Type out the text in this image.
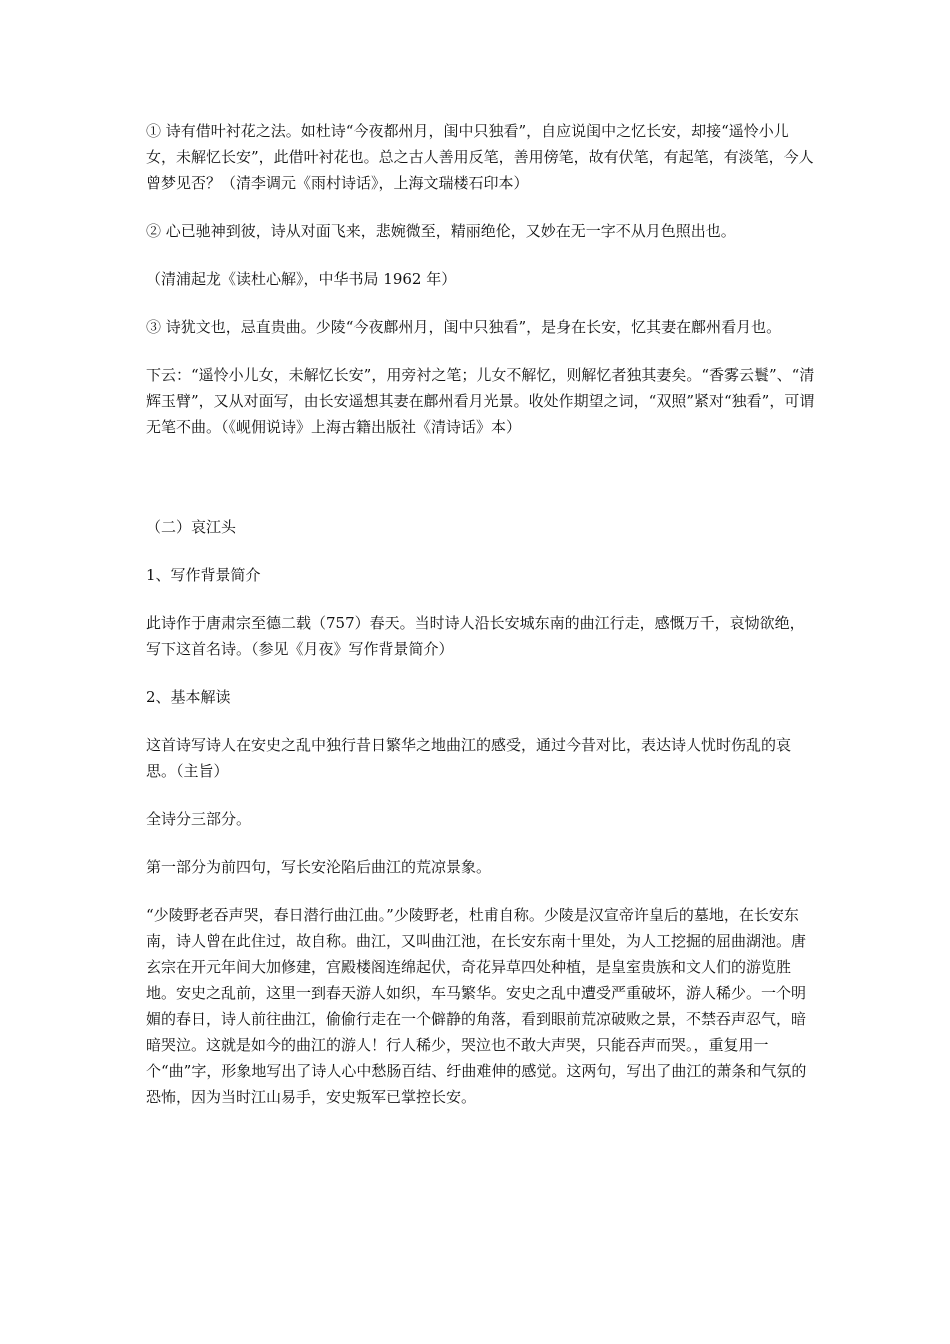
① 诗有借叶衬花之法。如杜诗“今夜都州月，闺中只独看”，自应说闺中之忆长安，却接“遥怜小儿女，未解忆长安”，此借叶衬花也。总之古人善用反笔，善用傍笔，故有伏笔，有起笔，有淡笔，今人曾梦见否？（清李调元《雨村诗话》，上海文瑞楼石印本）

② 心已驰神到彼，诗从对面飞来，悲婉微至，精丽绝伦，又妙在无一字不从月色照出也。

（清浦起龙《读杜心解》，中华书局 1962 年）

③ 诗犹文也，忌直贵曲。少陵“今夜鄜州月，闺中只独看”，是身在长安，忆其妻在鄜州看月也。

下云：“遥怜小儿女，未解忆长安”，用旁衬之笔；儿女不解忆，则解忆者独其妻矣。“香雾云鬟”、“清辉玉臂”，又从对面写，由长安遥想其妻在鄜州看月光景。收处作期望之词，“双照”紧对“独看”，可谓无笔不曲。（《岘佣说诗》上海古籍出版社《清诗话》本）

（二）哀江头

1、写作背景简介

此诗作于唐肃宗至德二载（757）春天。当时诗人沿长安城东南的曲江行走，感慨万千，哀恸欲绝，写下这首名诗。（参见《月夜》写作背景简介）

2、基本解读

这首诗写诗人在安史之乱中独行昔日繁华之地曲江的感受，通过今昔对比，表达诗人忧时伤乱的哀思。（主旨）

全诗分三部分。

第一部分为前四句，写长安沦陷后曲江的荒凉景象。

“少陵野老吞声哭，春日潜行曲江曲。”少陵野老，杜甫自称。少陵是汉宣帝许皇后的墓地，在长安东南，诗人曾在此住过，故自称。曲江，又叫曲江池，在长安东南十里处，为人工挖掘的屈曲湖池。唐玄宗在开元年间大加修建，宫殿楼阁连绵起伏，奇花异草四处种植，是皇室贵族和文人们的游览胜地。安史之乱前，这里一到春天游人如织，车马繁华。安史之乱中遭受严重破坏，游人稀少。一个明媚的春日，诗人前往曲江，偷偷行走在一个僻静的角落，看到眼前荒凉破败之景，不禁吞声忍气，暗暗哭泣。这就是如今的曲江的游人！行人稀少，哭泣也不敢大声哭，只能吞声而哭。，重复用一个“曲”字，形象地写出了诗人心中愁肠百结、纡曲难伸的感觉。这两句，写出了曲江的萧条和气氛的恐怖，因为当时江山易手，安史叛军已掌控长安。
